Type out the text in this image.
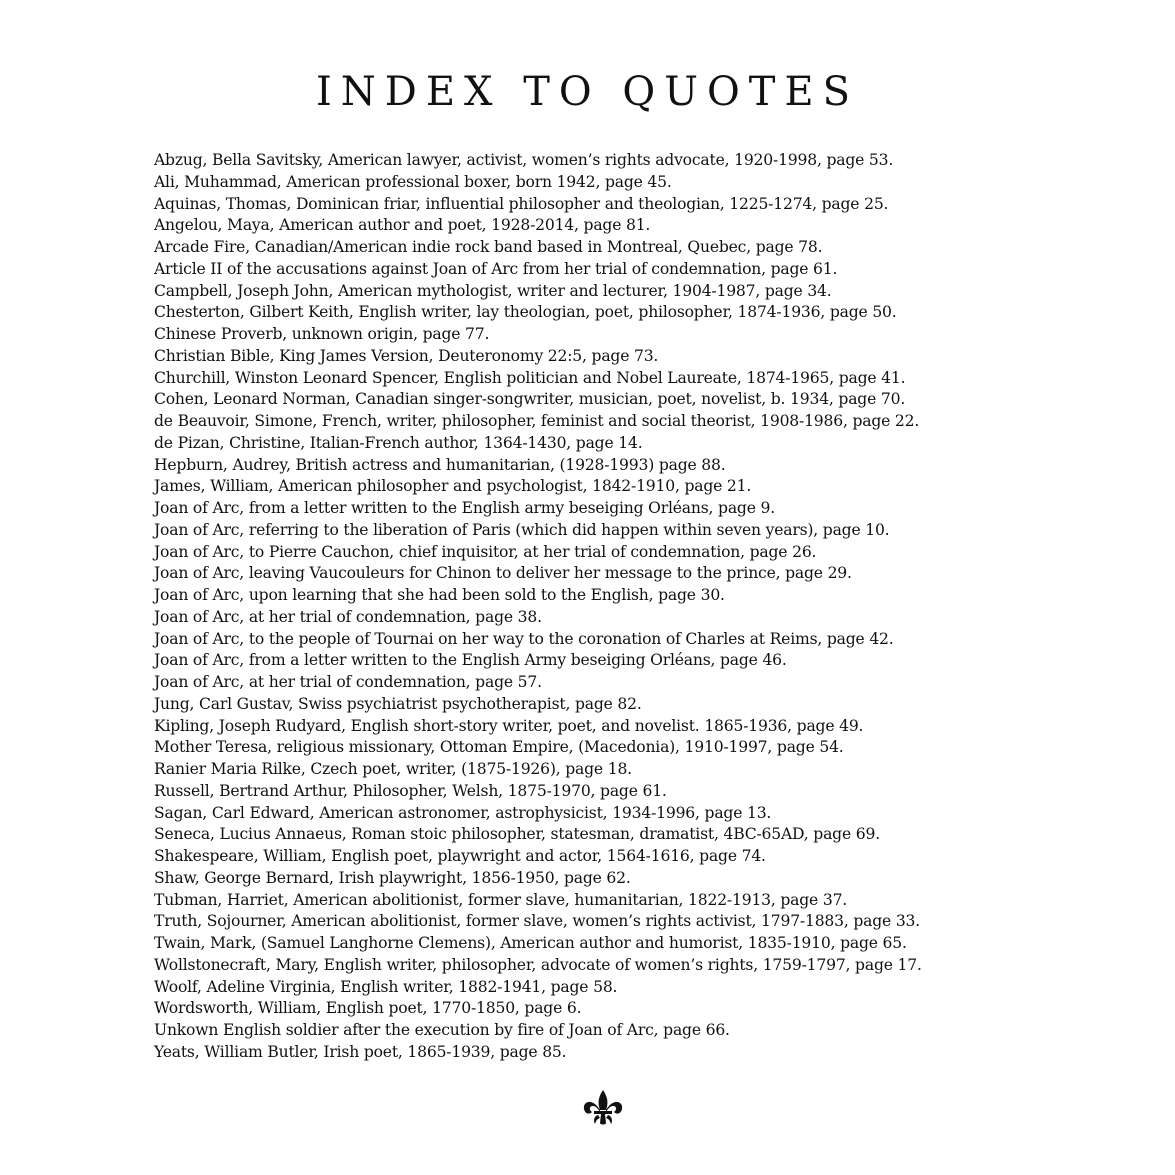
INDEX TO QUOTES
Abzug, Bella Savitsky, American lawyer, activist, women’s rights advocate, 1920-1998, page 53.
Ali, Muhammad, American professional boxer, born 1942, page 45.
Aquinas, Thomas, Dominican friar, influential philosopher and theologian, 1225-1274, page 25.
Angelou, Maya, American author and poet, 1928-2014, page 81.
Arcade Fire, Canadian/American indie rock band based in Montreal, Quebec, page 78.
Article II of the accusations against Joan of Arc from her trial of condemnation, page 61.
Campbell, Joseph John, American mythologist, writer and lecturer, 1904-1987, page 34.
Chesterton, Gilbert Keith, English writer, lay theologian, poet, philosopher, 1874-1936, page 50.
Chinese Proverb, unknown origin, page 77.
Christian Bible, King James Version, Deuteronomy 22:5, page 73.
Churchill, Winston Leonard Spencer, English politician and Nobel Laureate, 1874-1965, page 41.
Cohen, Leonard Norman, Canadian singer-songwriter, musician, poet, novelist, b. 1934, page 70.
de Beauvoir, Simone, French, writer, philosopher, feminist and social theorist, 1908-1986, page 22.
de Pizan, Christine, Italian-French author, 1364-1430, page 14.
Hepburn, Audrey, British actress and humanitarian, (1928-1993) page 88.
James, William, American philosopher and psychologist, 1842-1910, page 21.
Joan of Arc, from a letter written to the English army beseiging Orléans, page 9.
Joan of Arc, referring to the liberation of Paris (which did happen within seven years), page 10.
Joan of Arc, to Pierre Cauchon, chief inquisitor, at her trial of condemnation, page 26.
Joan of Arc, leaving Vaucouleurs for Chinon to deliver her message to the prince, page 29.
Joan of Arc, upon learning that she had been sold to the English, page 30.
Joan of Arc, at her trial of condemnation, page 38.
Joan of Arc, to the people of Tournai on her way to the coronation of Charles at Reims, page 42.
Joan of Arc, from a letter written to the English Army beseiging Orléans, page 46.
Joan of Arc, at her trial of condemnation, page 57.
Jung, Carl Gustav, Swiss psychiatrist psychotherapist, page 82.
Kipling, Joseph Rudyard, English short-story writer, poet, and novelist. 1865-1936, page 49.
Mother Teresa, religious missionary, Ottoman Empire, (Macedonia), 1910-1997, page 54.
Ranier Maria Rilke, Czech poet, writer, (1875-1926), page 18.
Russell, Bertrand Arthur, Philosopher, Welsh, 1875-1970, page 61.
Sagan, Carl Edward, American astronomer, astrophysicist, 1934-1996, page 13.
Seneca, Lucius Annaeus, Roman stoic philosopher, statesman, dramatist, 4BC-65AD, page 69.
Shakespeare, William, English poet, playwright and actor, 1564-1616, page 74.
Shaw, George Bernard, Irish playwright, 1856-1950, page 62.
Tubman, Harriet, American abolitionist, former slave, humanitarian, 1822-1913, page 37.
Truth, Sojourner, American abolitionist, former slave, women’s rights activist, 1797-1883, page 33.
Twain, Mark, (Samuel Langhorne Clemens), American author and humorist, 1835-1910, page 65.
Wollstonecraft, Mary, English writer, philosopher, advocate of women’s rights, 1759-1797, page 17.
Woolf, Adeline Virginia, English writer, 1882-1941, page 58.
Wordsworth, William, English poet, 1770-1850, page 6.
Unkown English soldier after the execution by fire of Joan of Arc, page 66.
Yeats, William Butler, Irish poet, 1865-1939, page 85.
